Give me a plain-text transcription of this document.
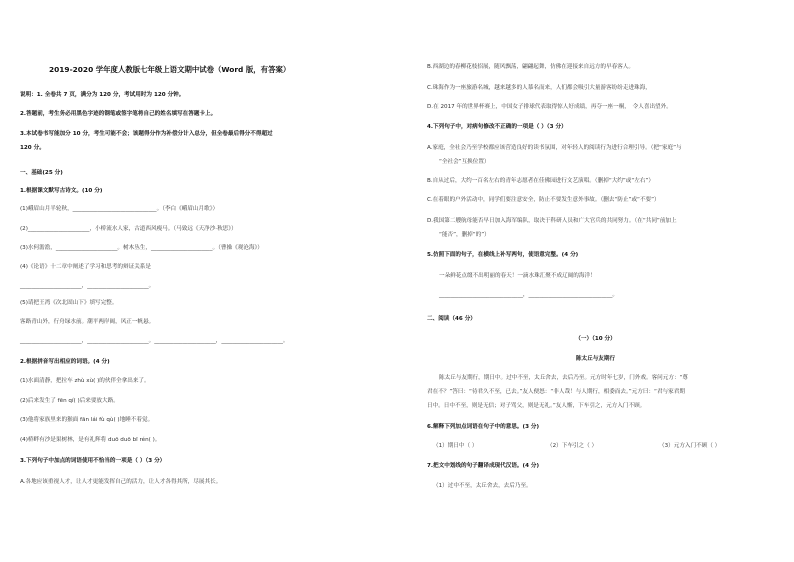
2019-2020 学年度人教版七年级上语文期中试卷（Word 版，有答案）
说明：1. 全卷共 7 页，满分为 120 分，考试用时为 120 分钟。
2.答题前，考生务必用黑色字迹的钢笔或签字笔将自己的姓名填写在答题卡上。
3.本试卷书写能加分 10 分，考生可能不会；该题得分作为补偿分计入总分，但全卷最后得分不得超过
120 分。
一、基础(25 分)
1.根据课文默写古诗文。(10 分)
(1)峨眉山月半轮秋，______________________________。（李白《峨眉山月歌》）
(2)______________________，小桥流水人家，古道西风瘦马。（马致远《天净沙·秋思》）
(3)水何澹澹，______________________。树木丛生，______________________。（曹操《观沧海》）
(4)《论语》十二章中阐述了学习和思考的辩证关系是
______________________，______________________。
(5)请把王湾《次北固山下》填写完整。
客路青山外，行舟绿水前。潮平两岸阔，风正一帆悬。
______________________，______________________。______________________，______________________。
2.根据拼音写出相应的词语。(4 分)
(1)水面清静，把拉车 zhù xù( )的伙伴全拿出来了。
(2)后来发生了 fēn qí( )后来要放大路。
(3)他将家族里来的猴面 fān lái fù qù( )地睡不着觉。
(4)桥畔有沙是果树林，是有礼辉将 duō duō bī rén( )。
3.下列句子中加点的词语使用不恰当的一项是（ ）（3 分）
A.各地应该重视人才，让人才更能发挥自己的活力，让人才各得其所，尽展其长。
B.西湖边的春柳花枝招展，随风飘荡，翩翩起舞，仿佛在迎接来自远方的早春客人。
C.珠海作为一座旅游名城，越来越多的人慕名而来，人们都会吸引大量游客纷纷走进珠海，
D.在 2017 年的世界杯赛上，中国女子排球代表取得惊人好成绩，再夺一座一桐，　令人喜出望外。
4.下列句子中，对病句修改不正确的一项是（ ）（3 分）
A.家庭，全社会乃至学校都应该营造良好的读书氛围，对年轻人的阅读行为进行合理引导。（把“家庭”与
“全社会”互换位置）
B.自从过后，大约一百名左右的青年志愿者在佳佛园进行文艺演唱。（删掉“大约”或“左右”）
C.在着眼的户外活动中，同学们要注意安全，防止不要发生意外事故。（删去“防止”或“不要”）
D.我国第二艘航母能否早日加入海军编队，取决于科研人员和广大官兵的共同努力。（在“共同”前加上
“能否”，删掉“的”）
5.仿照下面的句子，在横线上补写两句，使语意完整。(4 分)
一朵鲜花点缀不出明丽的春天！一滴水珠汇聚不成辽阔的海洋！
______________________________，______________________________。
二、阅读（46 分）
（一）（10 分）
陈太丘与友期行
陈太丘与友期行，期日中。过中不至，太丘舍去，去后乃至。元方时年七岁，门外戏。客问元方：“尊
君在不？”答曰：“待君久不至，已去。”友人便怒：“非人哉！与人期行，相委而去。”元方曰：“君与家君期
日中。日中不至，则是无信；对子骂父，则是无礼。”友人惭，下车引之，元方入门不顾。
6.解释下列加点词语在句子中的意思。(3 分)
（1）期日中（ ）	（2）下车引之（ ）	（3）元方入门不顾（ ）
7.把文中划线的句子翻译成现代汉语。(4 分)
（1）过中不至，太丘舍去，去后乃至。
